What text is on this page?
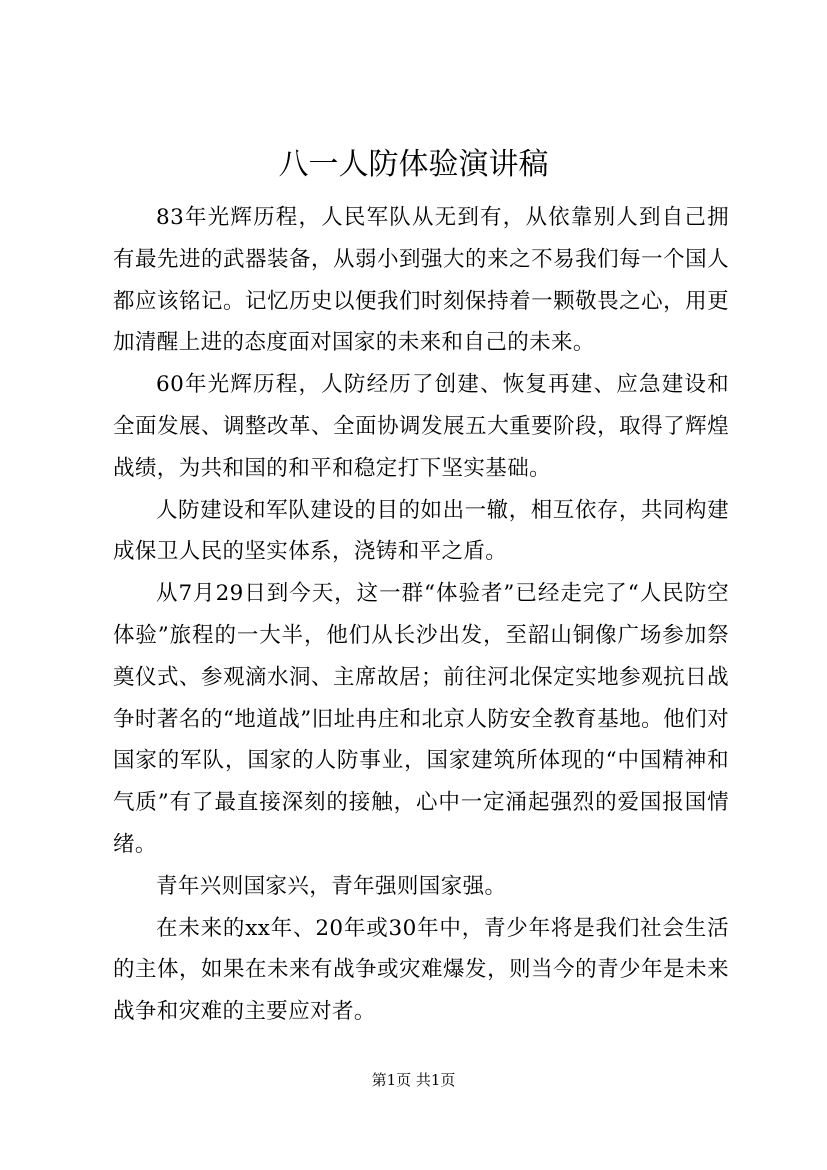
八一人防体验演讲稿

83年光辉历程，人民军队从无到有，从依靠别人到自己拥有最先进的武器装备，从弱小到强大的来之不易我们每一个国人都应该铭记。记忆历史以便我们时刻保持着一颗敬畏之心，用更加清醒上进的态度面对国家的未来和自己的未来。

60年光辉历程，人防经历了创建、恢复再建、应急建设和全面发展、调整改革、全面协调发展五大重要阶段，取得了辉煌战绩，为共和国的和平和稳定打下坚实基础。

人防建设和军队建设的目的如出一辙，相互依存，共同构建成保卫人民的坚实体系，浇铸和平之盾。

从7月29日到今天，这一群“体验者”已经走完了“人民防空体验”旅程的一大半，他们从长沙出发，至韶山铜像广场参加祭奠仪式、参观滴水洞、主席故居；前往河北保定实地参观抗日战争时著名的“地道战”旧址冉庄和北京人防安全教育基地。他们对国家的军队，国家的人防事业，国家建筑所体现的“中国精神和气质”有了最直接深刻的接触，心中一定涌起强烈的爱国报国情绪。

青年兴则国家兴，青年强则国家强。

在未来的xx年、20年或30年中，青少年将是我们社会生活的主体，如果在未来有战争或灾难爆发，则当今的青少年是未来战争和灾难的主要应对者。

第1页 共1页
